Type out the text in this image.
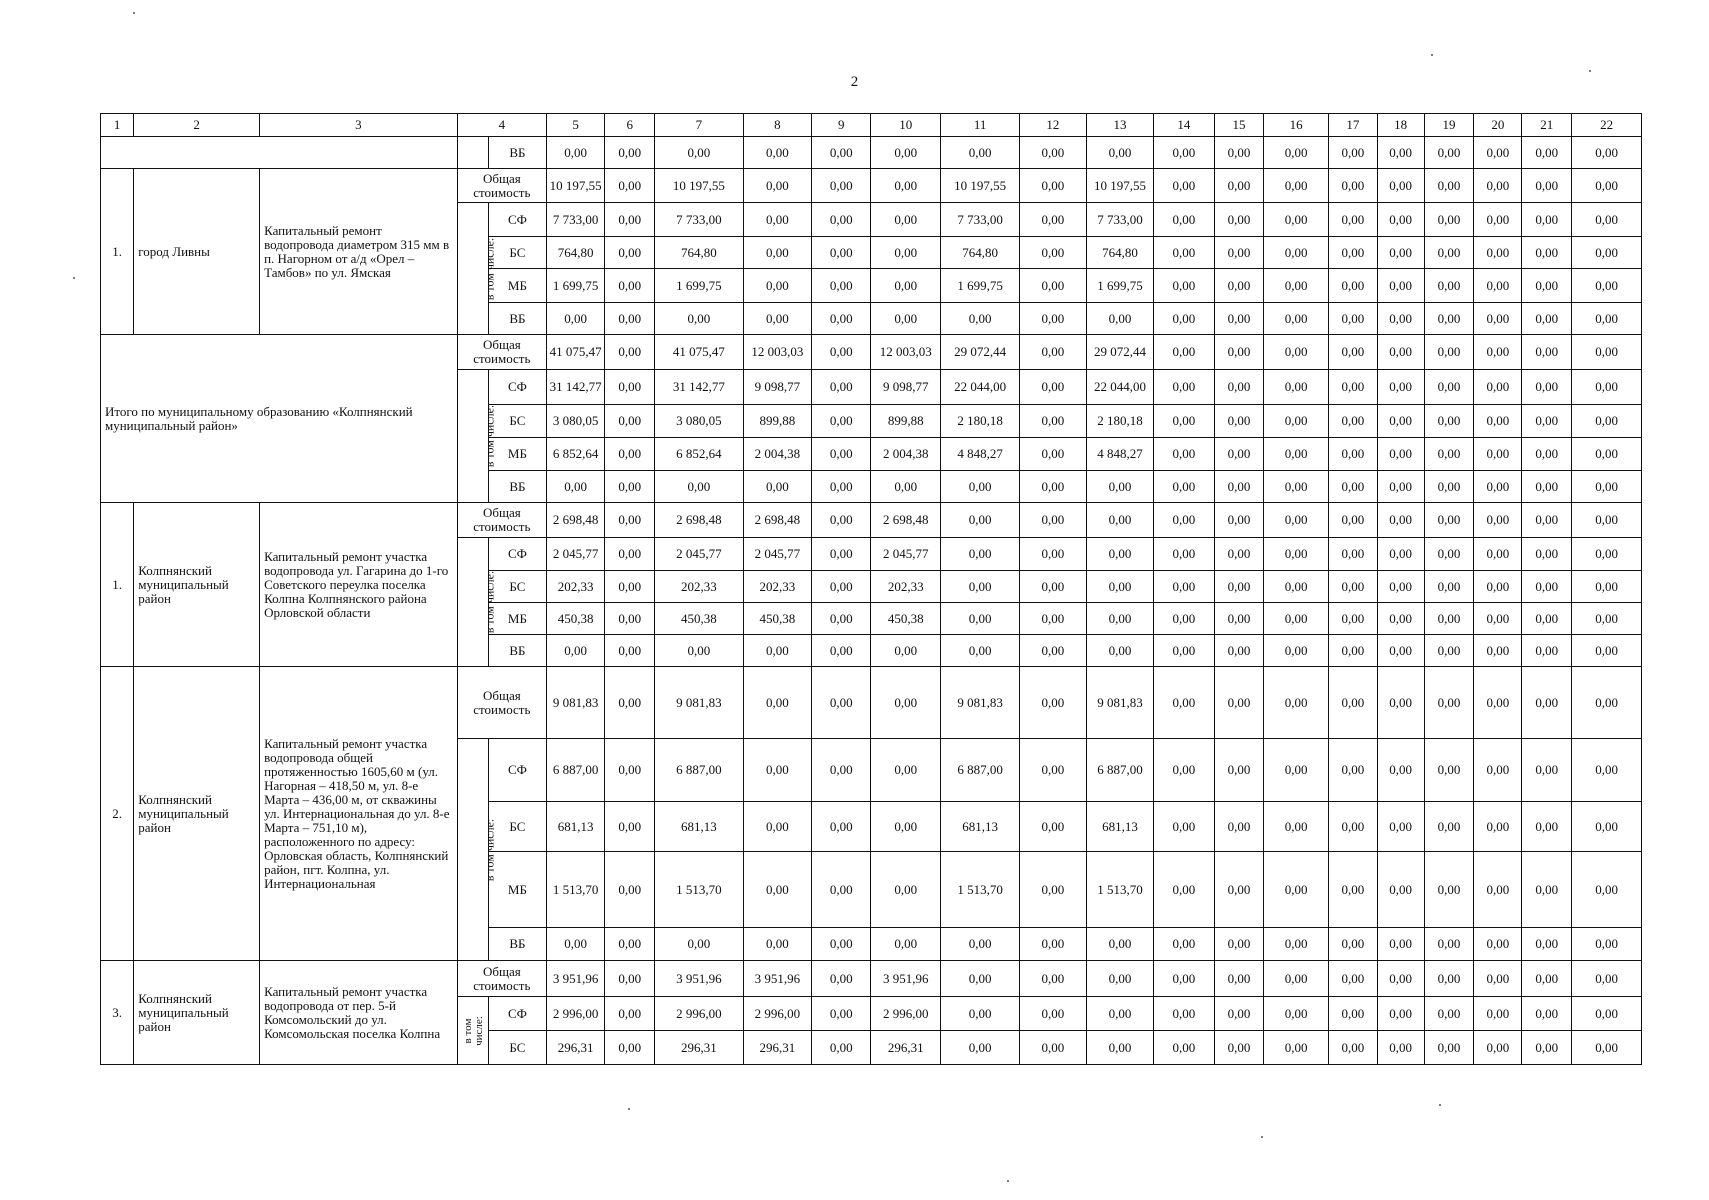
2
1	2	3	4		5	6	7	8	9	10	11	12	13	14	15	16	17	18	19	20	21	22
				ВБ	0,00	0,00	0,00	0,00	0,00	0,00	0,00	0,00	0,00	0,00	0,00	0,00	0,00	0,00	0,00	0,00	0,00	0,00
1.	город Ливны	Капитальный ремонт водопровода диаметром 315 мм в п. Нагорном от а/д «Орел – Тамбов» по ул. Ямская	Общая стоимость		10 197,55	0,00	10 197,55	0,00	0,00	0,00	10 197,55	0,00	10 197,55	0,00	0,00	0,00	0,00	0,00	0,00	0,00	0,00	0,00
			в том числе:	СФ	7 733,00	0,00	7 733,00	0,00	0,00	0,00	7 733,00	0,00	7 733,00	0,00	0,00	0,00	0,00	0,00	0,00	0,00	0,00	0,00
				БС	764,80	0,00	764,80	0,00	0,00	0,00	764,80	0,00	764,80	0,00	0,00	0,00	0,00	0,00	0,00	0,00	0,00	0,00
				МБ	1 699,75	0,00	1 699,75	0,00	0,00	0,00	1 699,75	0,00	1 699,75	0,00	0,00	0,00	0,00	0,00	0,00	0,00	0,00	0,00
				ВБ	0,00	0,00	0,00	0,00	0,00	0,00	0,00	0,00	0,00	0,00	0,00	0,00	0,00	0,00	0,00	0,00	0,00	0,00
Итого по муниципальному образованию «Колпнянский муниципальный район»			Общая стоимость		41 075,47	0,00	41 075,47	12 003,03	0,00	12 003,03	29 072,44	0,00	29 072,44	0,00	0,00	0,00	0,00	0,00	0,00	0,00	0,00	0,00
			в том числе:	СФ	31 142,77	0,00	31 142,77	9 098,77	0,00	9 098,77	22 044,00	0,00	22 044,00	0,00	0,00	0,00	0,00	0,00	0,00	0,00	0,00	0,00
				БС	3 080,05	0,00	3 080,05	899,88	0,00	899,88	2 180,18	0,00	2 180,18	0,00	0,00	0,00	0,00	0,00	0,00	0,00	0,00	0,00
				МБ	6 852,64	0,00	6 852,64	2 004,38	0,00	2 004,38	4 848,27	0,00	4 848,27	0,00	0,00	0,00	0,00	0,00	0,00	0,00	0,00	0,00
				ВБ	0,00	0,00	0,00	0,00	0,00	0,00	0,00	0,00	0,00	0,00	0,00	0,00	0,00	0,00	0,00	0,00	0,00	0,00
1.	Колпнянский муниципальный район	Капитальный ремонт участка водопровода ул. Гагарина до 1-го Советского переулка поселка Колпна Колпнянского района Орловской области	Общая стоимость		2 698,48	0,00	2 698,48	2 698,48	0,00	2 698,48	0,00	0,00	0,00	0,00	0,00	0,00	0,00	0,00	0,00	0,00	0,00	0,00
			в том числе:	СФ	2 045,77	0,00	2 045,77	2 045,77	0,00	2 045,77	0,00	0,00	0,00	0,00	0,00	0,00	0,00	0,00	0,00	0,00	0,00	0,00
				БС	202,33	0,00	202,33	202,33	0,00	202,33	0,00	0,00	0,00	0,00	0,00	0,00	0,00	0,00	0,00	0,00	0,00	0,00
				МБ	450,38	0,00	450,38	450,38	0,00	450,38	0,00	0,00	0,00	0,00	0,00	0,00	0,00	0,00	0,00	0,00	0,00	0,00
				ВБ	0,00	0,00	0,00	0,00	0,00	0,00	0,00	0,00	0,00	0,00	0,00	0,00	0,00	0,00	0,00	0,00	0,00	0,00
2.	Колпнянский муниципальный район	Капитальный ремонт участка водопровода общей протяженностью 1605,60 м (ул. Нагорная – 418,50 м, ул. 8-е Марта – 436,00 м, от скважины ул. Интернациональная до ул. 8-е Марта – 751,10 м), расположенного по адресу: Орловская область, Колпнянский район, пгт. Колпна, ул. Интернациональная	Общая стоимость		9 081,83	0,00	9 081,83	0,00	0,00	0,00	9 081,83	0,00	9 081,83	0,00	0,00	0,00	0,00	0,00	0,00	0,00	0,00	0,00
			в том числе:	СФ	6 887,00	0,00	6 887,00	0,00	0,00	0,00	6 887,00	0,00	6 887,00	0,00	0,00	0,00	0,00	0,00	0,00	0,00	0,00	0,00
				БС	681,13	0,00	681,13	0,00	0,00	0,00	681,13	0,00	681,13	0,00	0,00	0,00	0,00	0,00	0,00	0,00	0,00	0,00
				МБ	1 513,70	0,00	1 513,70	0,00	0,00	0,00	1 513,70	0,00	1 513,70	0,00	0,00	0,00	0,00	0,00	0,00	0,00	0,00	0,00
				ВБ	0,00	0,00	0,00	0,00	0,00	0,00	0,00	0,00	0,00	0,00	0,00	0,00	0,00	0,00	0,00	0,00	0,00	0,00
3.	Колпнянский муниципальный район	Капитальный ремонт участка водопровода от пер. 5-й Комсомольский до ул. Комсомольская поселка Колпна	Общая стоимость		3 951,96	0,00	3 951,96	3 951,96	0,00	3 951,96	0,00	0,00	0,00	0,00	0,00	0,00	0,00	0,00	0,00	0,00	0,00	0,00
			в том числе:	СФ	2 996,00	0,00	2 996,00	2 996,00	0,00	2 996,00	0,00	0,00	0,00	0,00	0,00	0,00	0,00	0,00	0,00	0,00	0,00	0,00
				БС	296,31	0,00	296,31	296,31	0,00	296,31	0,00	0,00	0,00	0,00	0,00	0,00	0,00	0,00	0,00	0,00	0,00	0,00
